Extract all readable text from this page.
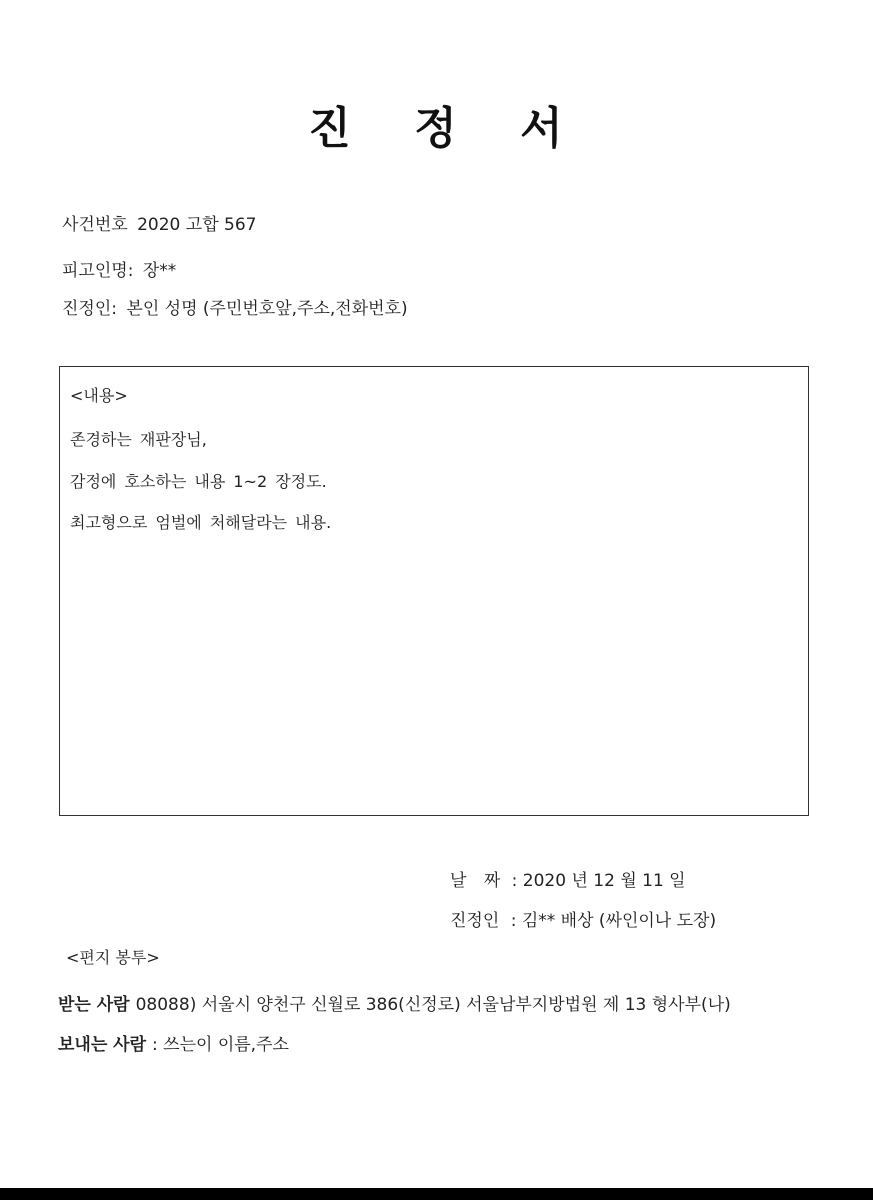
진 정 서
사건번호 2020 고합 567
피고인명: 장**
진정인: 본인 성명 (주민번호앞,주소,전화번호)
<내용>
존경하는 재판장님,
감정에 호소하는 내용 1~2 장정도.
최고형으로 엄벌에 처해달라는 내용.
날 짜 : 2020 년 12 월 11 일
진정인 : 김** 배상 (싸인이나 도장)
<편지 봉투>
받는 사람 08088) 서울시 양천구 신월로 386(신정로) 서울남부지방법원 제 13 형사부(나)
보내는 사람 : 쓰는이 이름,주소
